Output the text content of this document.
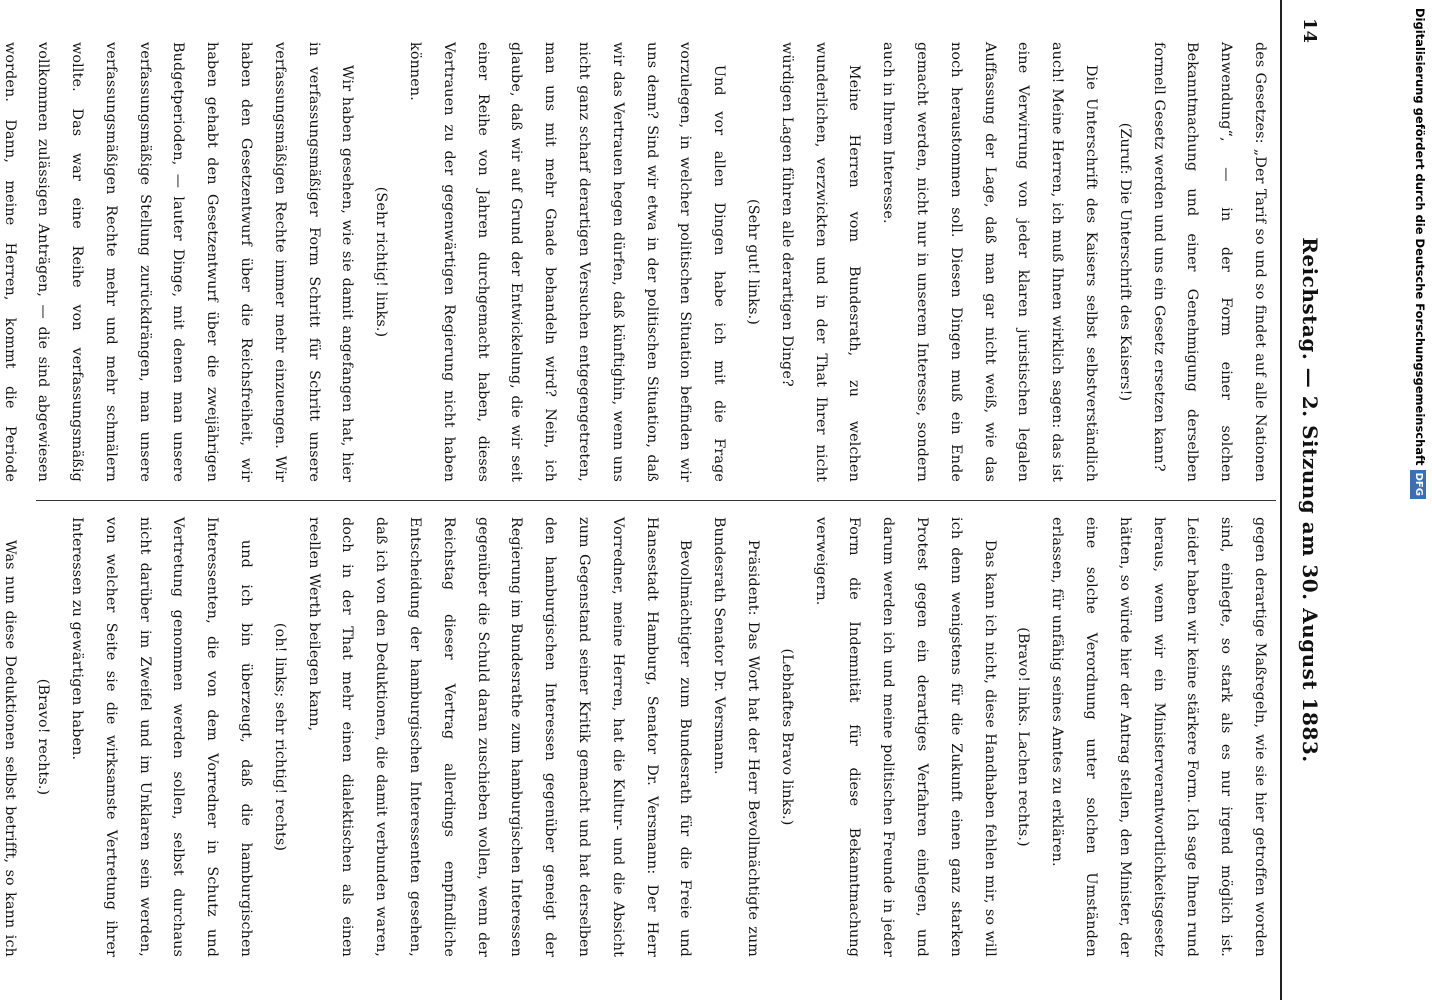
14
Reichstag. — 2. Sitzung am 30. August 1883.

des Gesetzes: „Der Tarif so und so findet auf alle Nationen Anwendung“, — in der Form einer solchen Bekanntmachung und einer Genehmigung derselben formell Gesetz werden und uns ein Gesetz ersetzen kann?

(Zuruf: Die Unterschrift des Kaisers!)

Die Unterschrift des Kaisers selbst selbstverständlich auch! Meine Herren, ich muß Ihnen wirklich sagen: das ist eine Verwirrung von jeder klaren juristischen legalen Auffassung der Lage, daß man gar nicht weiß, wie das noch heraustommen soll. Diesen Dingen muß ein Ende gemacht werden, nicht nur in unserem Interesse, sondern auch in Ihrem Interesse.

Meine Herren vom Bundesrath, zu welchen wunderlichen, verzwickten und in der That Ihrer nicht würdigen Lagen führen alle derartigen Dinge?

(Sehr gut! links.)

Und vor allen Dingen habe ich mit die Frage vorzulegen, in welcher politischen Situation befinden wir uns denn? Sind wir etwa in der politischen Situation, daß wir das Vertrauen hegen dürfen, daß künftighin, wenn uns nicht ganz scharf derartigen Versuchen entgegengetreten, man uns mit mehr Gnade behandeln wird? Nein, ich glaube, daß wir auf Grund der Entwickelung, die wir seit einer Reihe von Jahren durchgemacht haben, dieses Vertrauen zu der gegenwärtigen Regierung nicht haben können.

(Sehr richtig! links.)

Wir haben gesehen, wie sie damit angefangen hat, hier in verfassungsmäßiger Form Schritt für Schritt unsere verfassungsmäßigen Rechte immer mehr einzuengen. Wir haben den Gesetzentwurf über die Reichsfreiheit, wir haben gehabt den Gesetzentwurf über die zweijährigen Budgetperioden, — lauter Dinge, mit denen man unsere verfassungsmäßige Stellung zurückdrängen, man unsere verfassungsmäßigen Rechte mehr und mehr schmälern wollte. Das war eine Reihe von verfassungsmäßig vollkommen zulässigen Anträgen, — die sind abgewiesen worden. Dann, meine Herren, kommt die Periode

gegen derartige Maßregeln, wie sie hier getroffen worden sind, einlegte, so stark als es nur irgend möglich ist. Leider haben wir keine stärkere Form. Ich sage Ihnen rund heraus, wenn wir ein Ministerverantwortlichkeitsgesetz hätten, so würde hier der Antrag stellen, den Minister, der eine solche Verordnung unter solchen Umständen erlassen, für unfähig seines Amtes zu erklären.

(Bravo! links. Lachen rechts.)

Das kann ich nicht, diese Handhaben fehlen mir, so will ich denn wenigstens für die Zukunft einen ganz starken Protest gegen ein derartiges Verfahren einlegen, und darum werden ich und meine politischen Freunde in jeder Form die Indemnität für diese Bekanntmachung verweigern.

(Lebhaftes Bravo links.)

Präsident: Das Wort hat der Herr Bevollmächtigte zum Bundesrath Senator Dr. Versmann.

Bevollmächtigter zum Bundesrath für die Freie und Hansestadt Hamburg, Senator Dr. Versmann: Der Herr Vorredner, meine Herren, hat die Kultur- und die Absicht zum Gegenstand seiner Kritik gemacht und hat derselben den hamburgischen Interessen gegenüber geneigt der Regierung im Bundesrathe zum hamburgischen Interessen gegenüber die Schuld daran zuschieben wollen, wenn der Reichstag dieser Vertrag allerdings empfindliche Entscheidung der hamburgischen Interessenten gesehen, daß ich von den Deduktionen, die damit verbunden waren, doch in der That mehr einen dialektischen als einen reellen Werth beilegen kann,

(oh! links; sehr richtig! rechts)

und ich bin überzeugt, daß die hamburgischen Interessenten, die von dem Vorredner in Schutz und Vertretung genommen werden sollen, selbst durchaus nicht darüber im Zweifel und im Unklaren sein werden, von welcher Seite sie die wirksamste Vertretung ihrer Interessen zu gewärtigen haben.

(Bravo! rechts.)

Was nun diese Deduktionen selbst betrifft, so kann ich

Digitalisierung gefördert durch die Deutsche ForschungsgemeinschaftDFG
